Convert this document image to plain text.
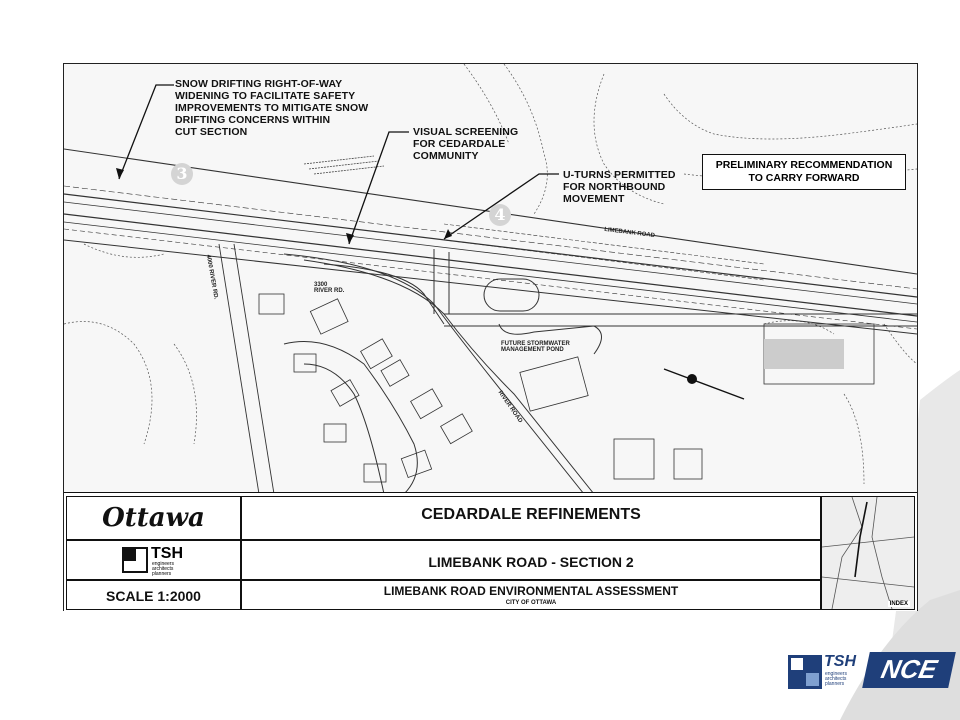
3
4
SNOW DRIFTING RIGHT-OF-WAY
WIDENING TO FACILITATE SAFETY
IMPROVEMENTS TO MITIGATE SNOW
DRIFTING CONCERNS WITHIN
CUT SECTION	VISUAL SCREENING
FOR CEDARDALE
COMMUNITY
U-TURNS PERMITTED
FOR NORTHBOUND
MOVEMENT
PRELIMINARY RECOMMENDATION
TO CARRY FORWARD
LIMEBANK ROAD
4000 RIVER RD.	3300
RIVER RD.
FUTURE STORMWATER
MANAGEMENT POND
RIVER ROAD
Ottawa
TSH
engineers
architects
planners
SCALE 1:2000
CEDARDALE REFINEMENTS
LIMEBANK ROAD - SECTION 2
LIMEBANK ROAD ENVIRONMENTAL ASSESSMENT
CITY OF OTTAWA	INDEX
TSH
engineers
architects
planners	NCE
